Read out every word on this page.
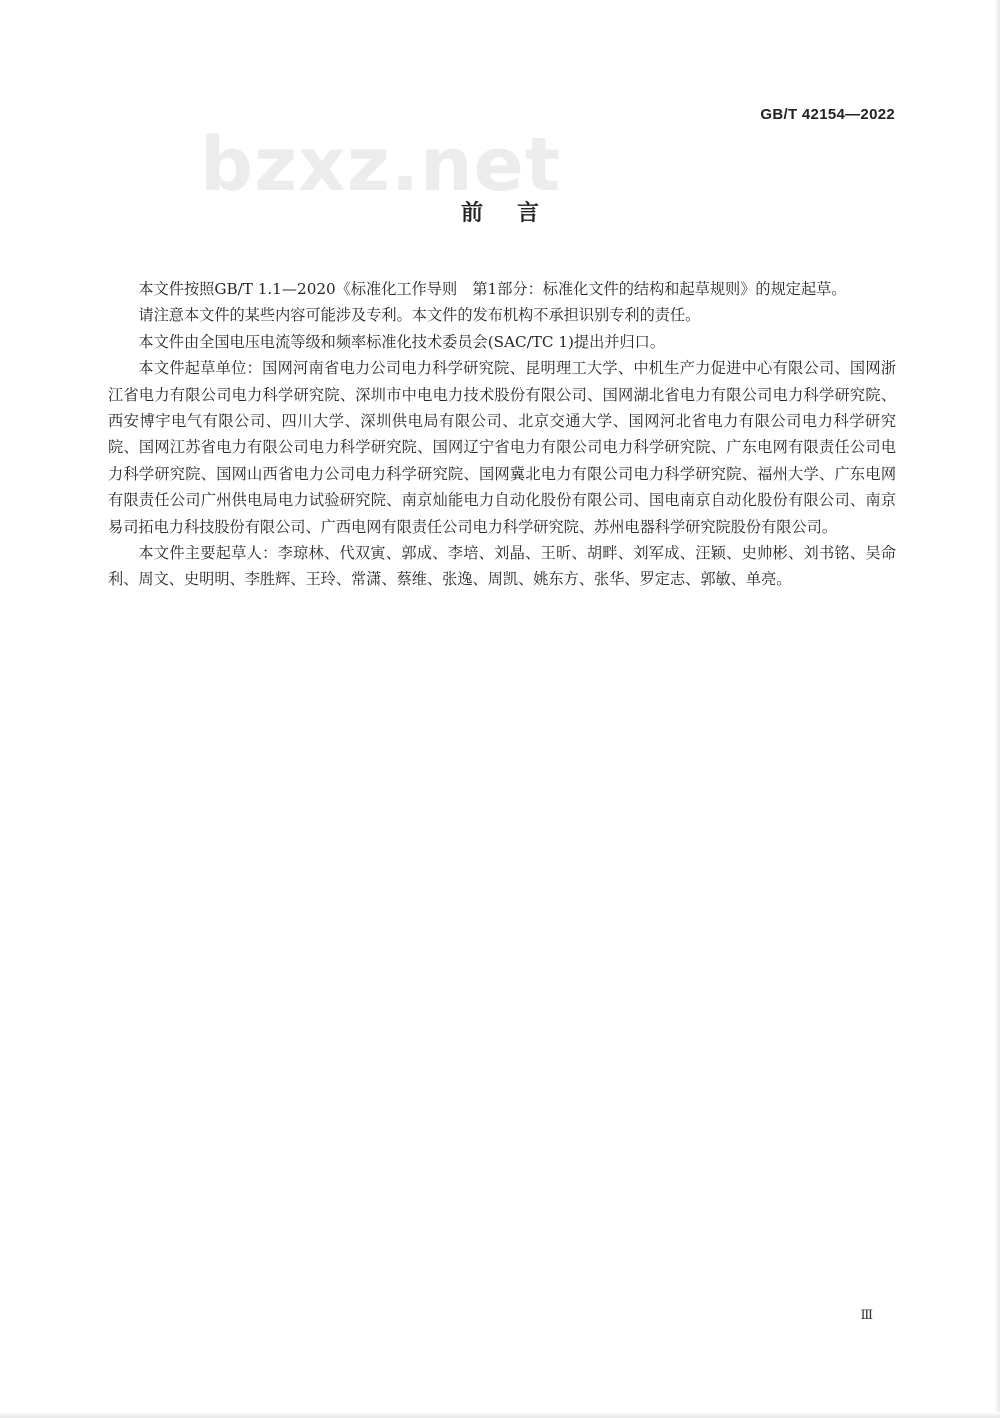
GB/T 42154—2022
bzxz.net
前言

本文件按照GB/T 1.1—2020《标准化工作导则　第1部分：标准化文件的结构和起草规则》的规定起草。

请注意本文件的某些内容可能涉及专利。本文件的发布机构不承担识别专利的责任。

本文件由全国电压电流等级和频率标准化技术委员会(SAC/TC 1)提出并归口。

本文件起草单位：国网河南省电力公司电力科学研究院、昆明理工大学、中机生产力促进中心有限公司、国网浙江省电力有限公司电力科学研究院、深圳市中电电力技术股份有限公司、国网湖北省电力有限公司电力科学研究院、西安博宇电气有限公司、四川大学、深圳供电局有限公司、北京交通大学、国网河北省电力有限公司电力科学研究院、国网江苏省电力有限公司电力科学研究院、国网辽宁省电力有限公司电力科学研究院、广东电网有限责任公司电力科学研究院、国网山西省电力公司电力科学研究院、国网冀北电力有限公司电力科学研究院、福州大学、广东电网有限责任公司广州供电局电力试验研究院、南京灿能电力自动化股份有限公司、国电南京自动化股份有限公司、南京易司拓电力科技股份有限公司、广西电网有限责任公司电力科学研究院、苏州电器科学研究院股份有限公司。

本文件主要起草人：李琼林、代双寅、郭成、李培、刘晶、王昕、胡畔、刘军成、汪颖、史帅彬、刘书铭、吴命利、周文、史明明、李胜辉、王玲、常潇、蔡维、张逸、周凯、姚东方、张华、罗定志、郭敏、单亮。

Ⅲ
